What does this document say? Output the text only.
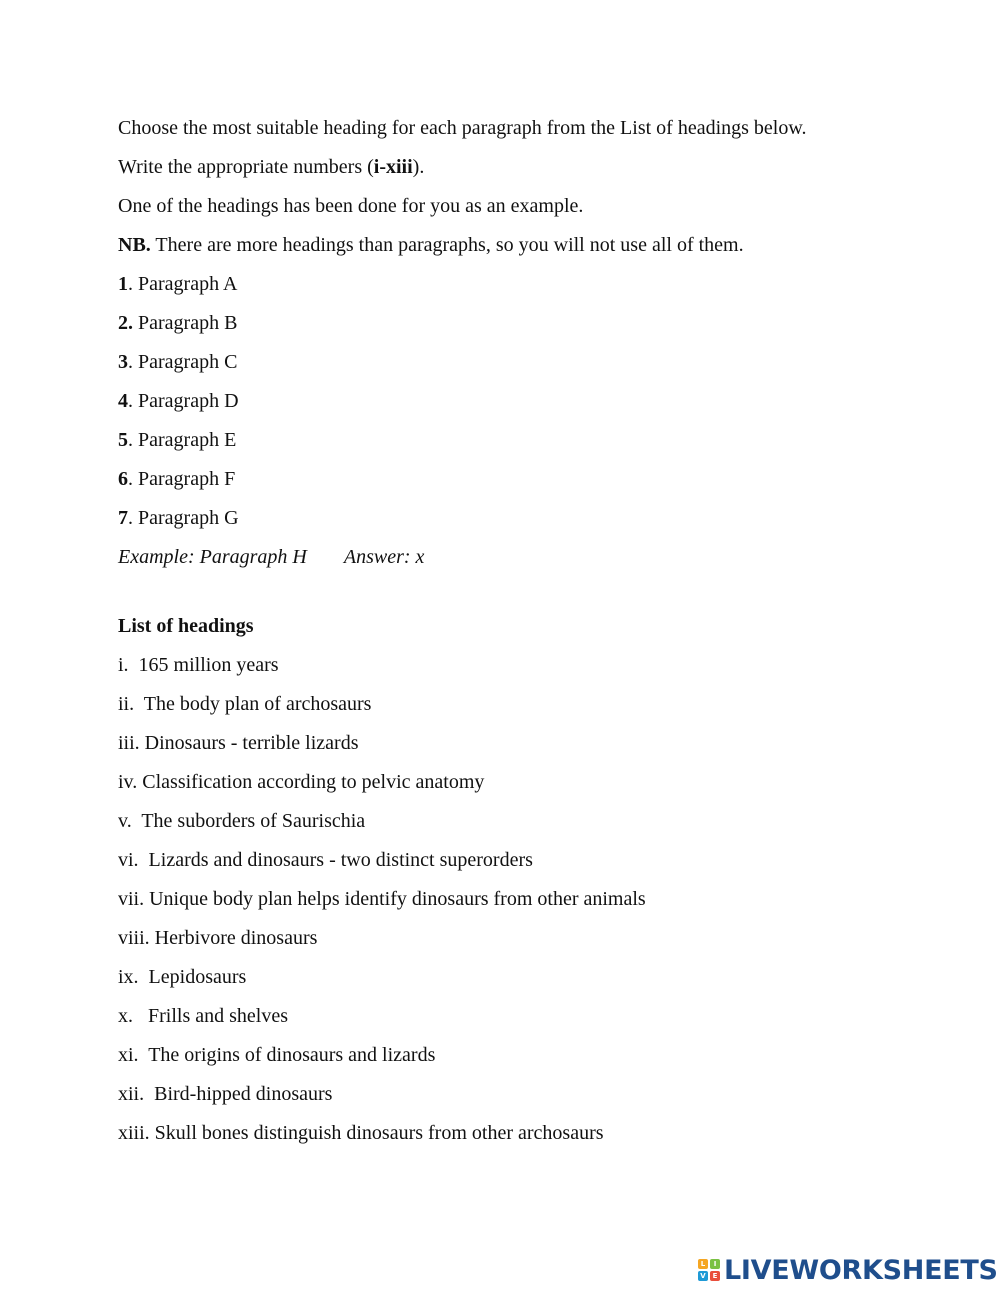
Choose the most suitable heading for each paragraph from the List of headings below.
Write the appropriate numbers (i-xiii).
One of the headings has been done for you as an example.
NB. There are more headings than paragraphs, so you will not use all of them.
1. Paragraph A
2. Paragraph B
3. Paragraph C
4. Paragraph D
5. Paragraph E
6. Paragraph F
7. Paragraph G
Example: Paragraph H Answer: x
List of headings
i.  165 million years
ii.  The body plan of archosaurs
iii. Dinosaurs - terrible lizards
iv. Classification according to pelvic anatomy
v.  The suborders of Saurischia
vi.  Lizards and dinosaurs - two distinct superorders
vii. Unique body plan helps identify dinosaurs from other animals
viii. Herbivore dinosaurs
ix.  Lepidosaurs
x.   Frills and shelves
xi.  The origins of dinosaurs and lizards
xii.  Bird-hipped dinosaurs
xiii. Skull bones distinguish dinosaurs from other archosaurs
L	I
V E LIVEWORKSHEETS
